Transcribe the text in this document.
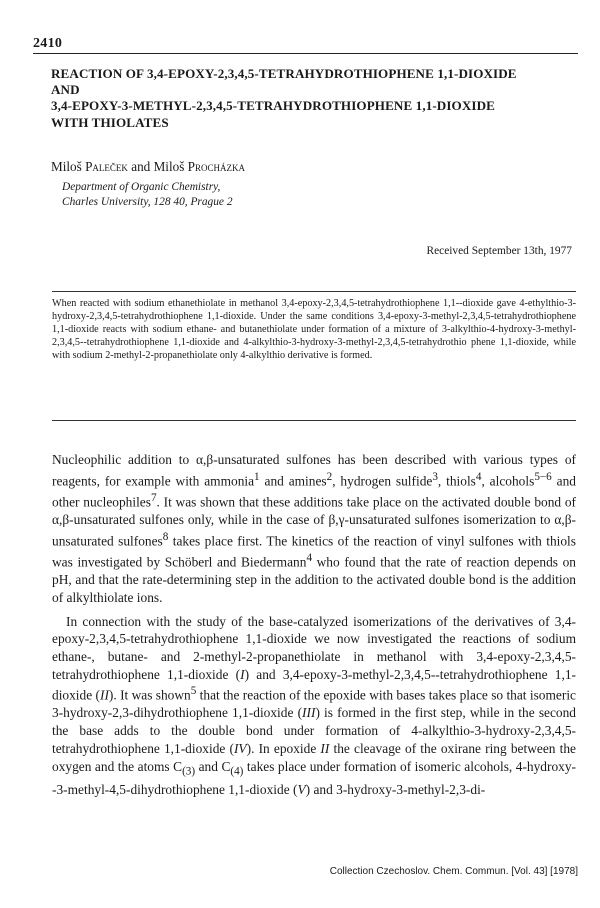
2410
REACTION OF 3,4-EPOXY-2,3,4,5-TETRAHYDROTHIOPHENE 1,1-DIOXIDE
AND
3,4-EPOXY-3-METHYL-2,3,4,5-TETRAHYDROTHIOPHENE 1,1-DIOXIDE
WITH THIOLATES
Miloš Paleček and Miloš Procházka
Department of Organic Chemistry,
Charles University, 128 40, Prague 2
Received September 13th, 1977
When reacted with sodium ethanethiolate in methanol 3,4-epoxy-2,3,4,5-tetrahydrothiophene 1,1--dioxide gave 4-ethylthio-3-hydroxy-2,3,4,5-tetrahydrothiophene 1,1-dioxide. Under the same conditions 3,4-epoxy-3-methyl-2,3,4,5-tetrahydrothiophene 1,1-dioxide reacts with sodium ethane- and butanethiolate under formation of a mixture of 3-alkylthio-4-hydroxy-3-methyl-2,3,4,5--tetrahydrothiophene 1,1-dioxide and 4-alkylthio-3-hydroxy-3-methyl-2,3,4,5-tetrahydrothio phene 1,1-dioxide, while with sodium 2-methyl-2-propanethiolate only 4-alkylthio derivative is formed.

Nucleophilic addition to α,β-unsaturated sulfones has been described with various types of reagents, for example with ammonia$^1$ and amines$^2$, hydrogen sulfide$^3$, thiols$^4$, alcohols$^{5-6}$ and other nucleophiles$^7$. It was shown that these additions take place on the activated double bond of α,β-unsaturated sulfones only, while in the case of β,γ-unsaturated sulfones isomerization to α,β-unsaturated sulfones$^8$ takes place first. The kinetics of the reaction of vinyl sulfones with thiols was investigated by Schöberl and Biedermann$^4$ who found that the rate of reaction depends on pH, and that the rate-determining step in the addition to the activated double bond is the addition of alkylthiolate ions.

In connection with the study of the base-catalyzed isomerizations of the derivatives of 3,4-epoxy-2,3,4,5-tetrahydrothiophene 1,1-dioxide we now investigated the reactions of sodium ethane-, butane- and 2-methyl-2-propanethiolate in methanol with 3,4-epoxy-2,3,4,5-tetrahydrothiophene 1,1-dioxide (I) and 3,4-epoxy-3-methyl-2,3,4,5--tetrahydrothiophene 1,1-dioxide (II). It was shown$^5$ that the reaction of the epoxide with bases takes place so that isomeric 3-hydroxy-2,3-dihydrothiophene 1,1-dioxide (III) is formed in the first step, while in the second the base adds to the double bond under formation of 4-alkylthio-3-hydroxy-2,3,4,5-tetrahydrothiophene 1,1-dioxide (IV). In epoxide II the cleavage of the oxirane ring between the oxygen and the atoms $C_{(3)}$ and $C_{(4)}$ takes place under formation of isomeric alcohols, 4-hydroxy--3-methyl-4,5-dihydrothiophene 1,1-dioxide (V) and 3-hydroxy-3-methyl-2,3-di-

Collection Czechoslov. Chem. Commun. [Vol. 43] [1978]
